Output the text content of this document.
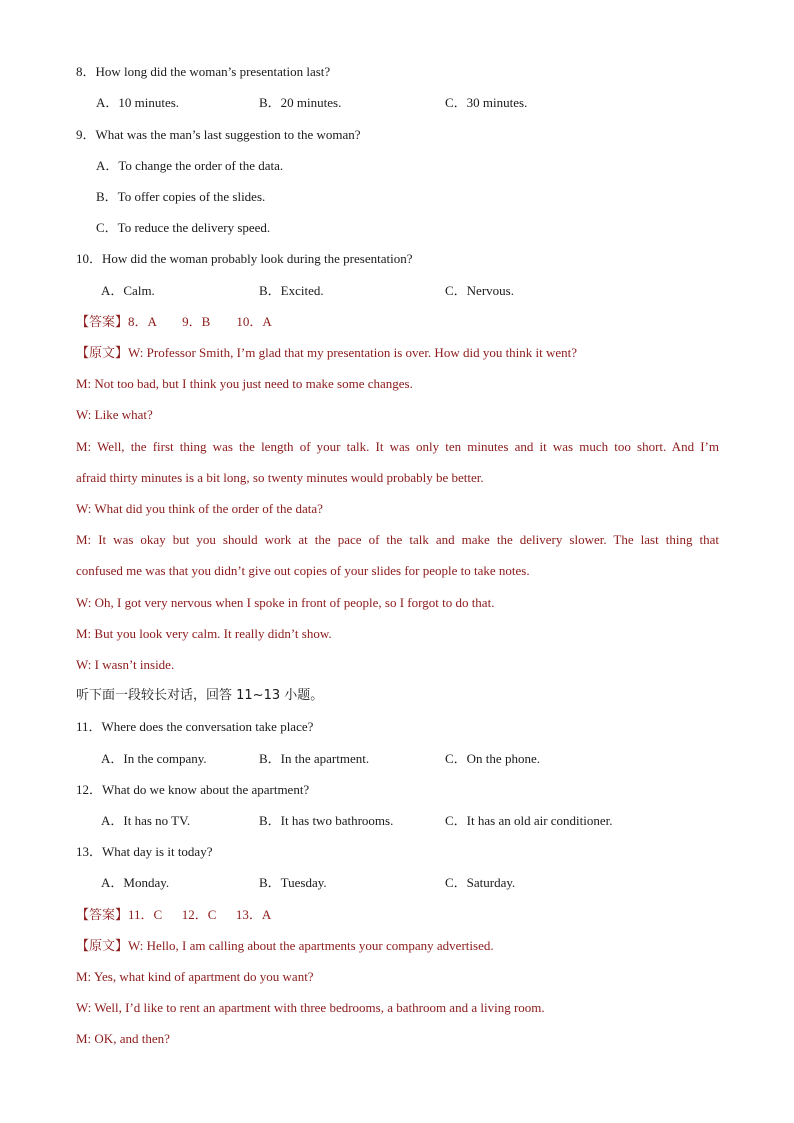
8．How long did the woman’s presentation last?
A．10 minutes.	B．20 minutes.	C．30 minutes.
9．What was the man’s last suggestion to the woman?
A．To change the order of the data.
B．To offer copies of the slides.
C．To reduce the delivery speed.
10．How did the woman probably look during the presentation?
A．Calm.	B．Excited.	C．Nervous.
【答案】8．A        9．B        10．A
【原文】W: Professor Smith, I’m glad that my presentation is over. How did you think it went?
M: Not too bad, but I think you just need to make some changes.
W: Like what?
M: Well, the first thing was the length of your talk. It was only ten minutes and it was much too short. And I’m
afraid thirty minutes is a bit long, so twenty minutes would probably be better.
W: What did you think of the order of the data?
M: It was okay but you should work at the pace of the talk and make the delivery slower. The last thing that
confused me was that you didn’t give out copies of your slides for people to take notes.
W: Oh, I got very nervous when I spoke in front of people, so I forgot to do that.
M: But you look very calm. It really didn’t show.
W: I wasn’t inside.
听下面一段较长对话，回答 11~13 小题。
11．Where does the conversation take place?
A．In the company.	B．In the apartment.	C．On the phone.
12．What do we know about the apartment?
A．It has no TV.	B．It has two bathrooms.	C．It has an old air conditioner.
13．What day is it today?
A．Monday.	B．Tuesday.	C．Saturday.
【答案】11．C      12．C      13．A
【原文】W: Hello, I am calling about the apartments your company advertised.
M: Yes, what kind of apartment do you want?
W: Well, I’d like to rent an apartment with three bedrooms, a bathroom and a living room.
M: OK, and then?
